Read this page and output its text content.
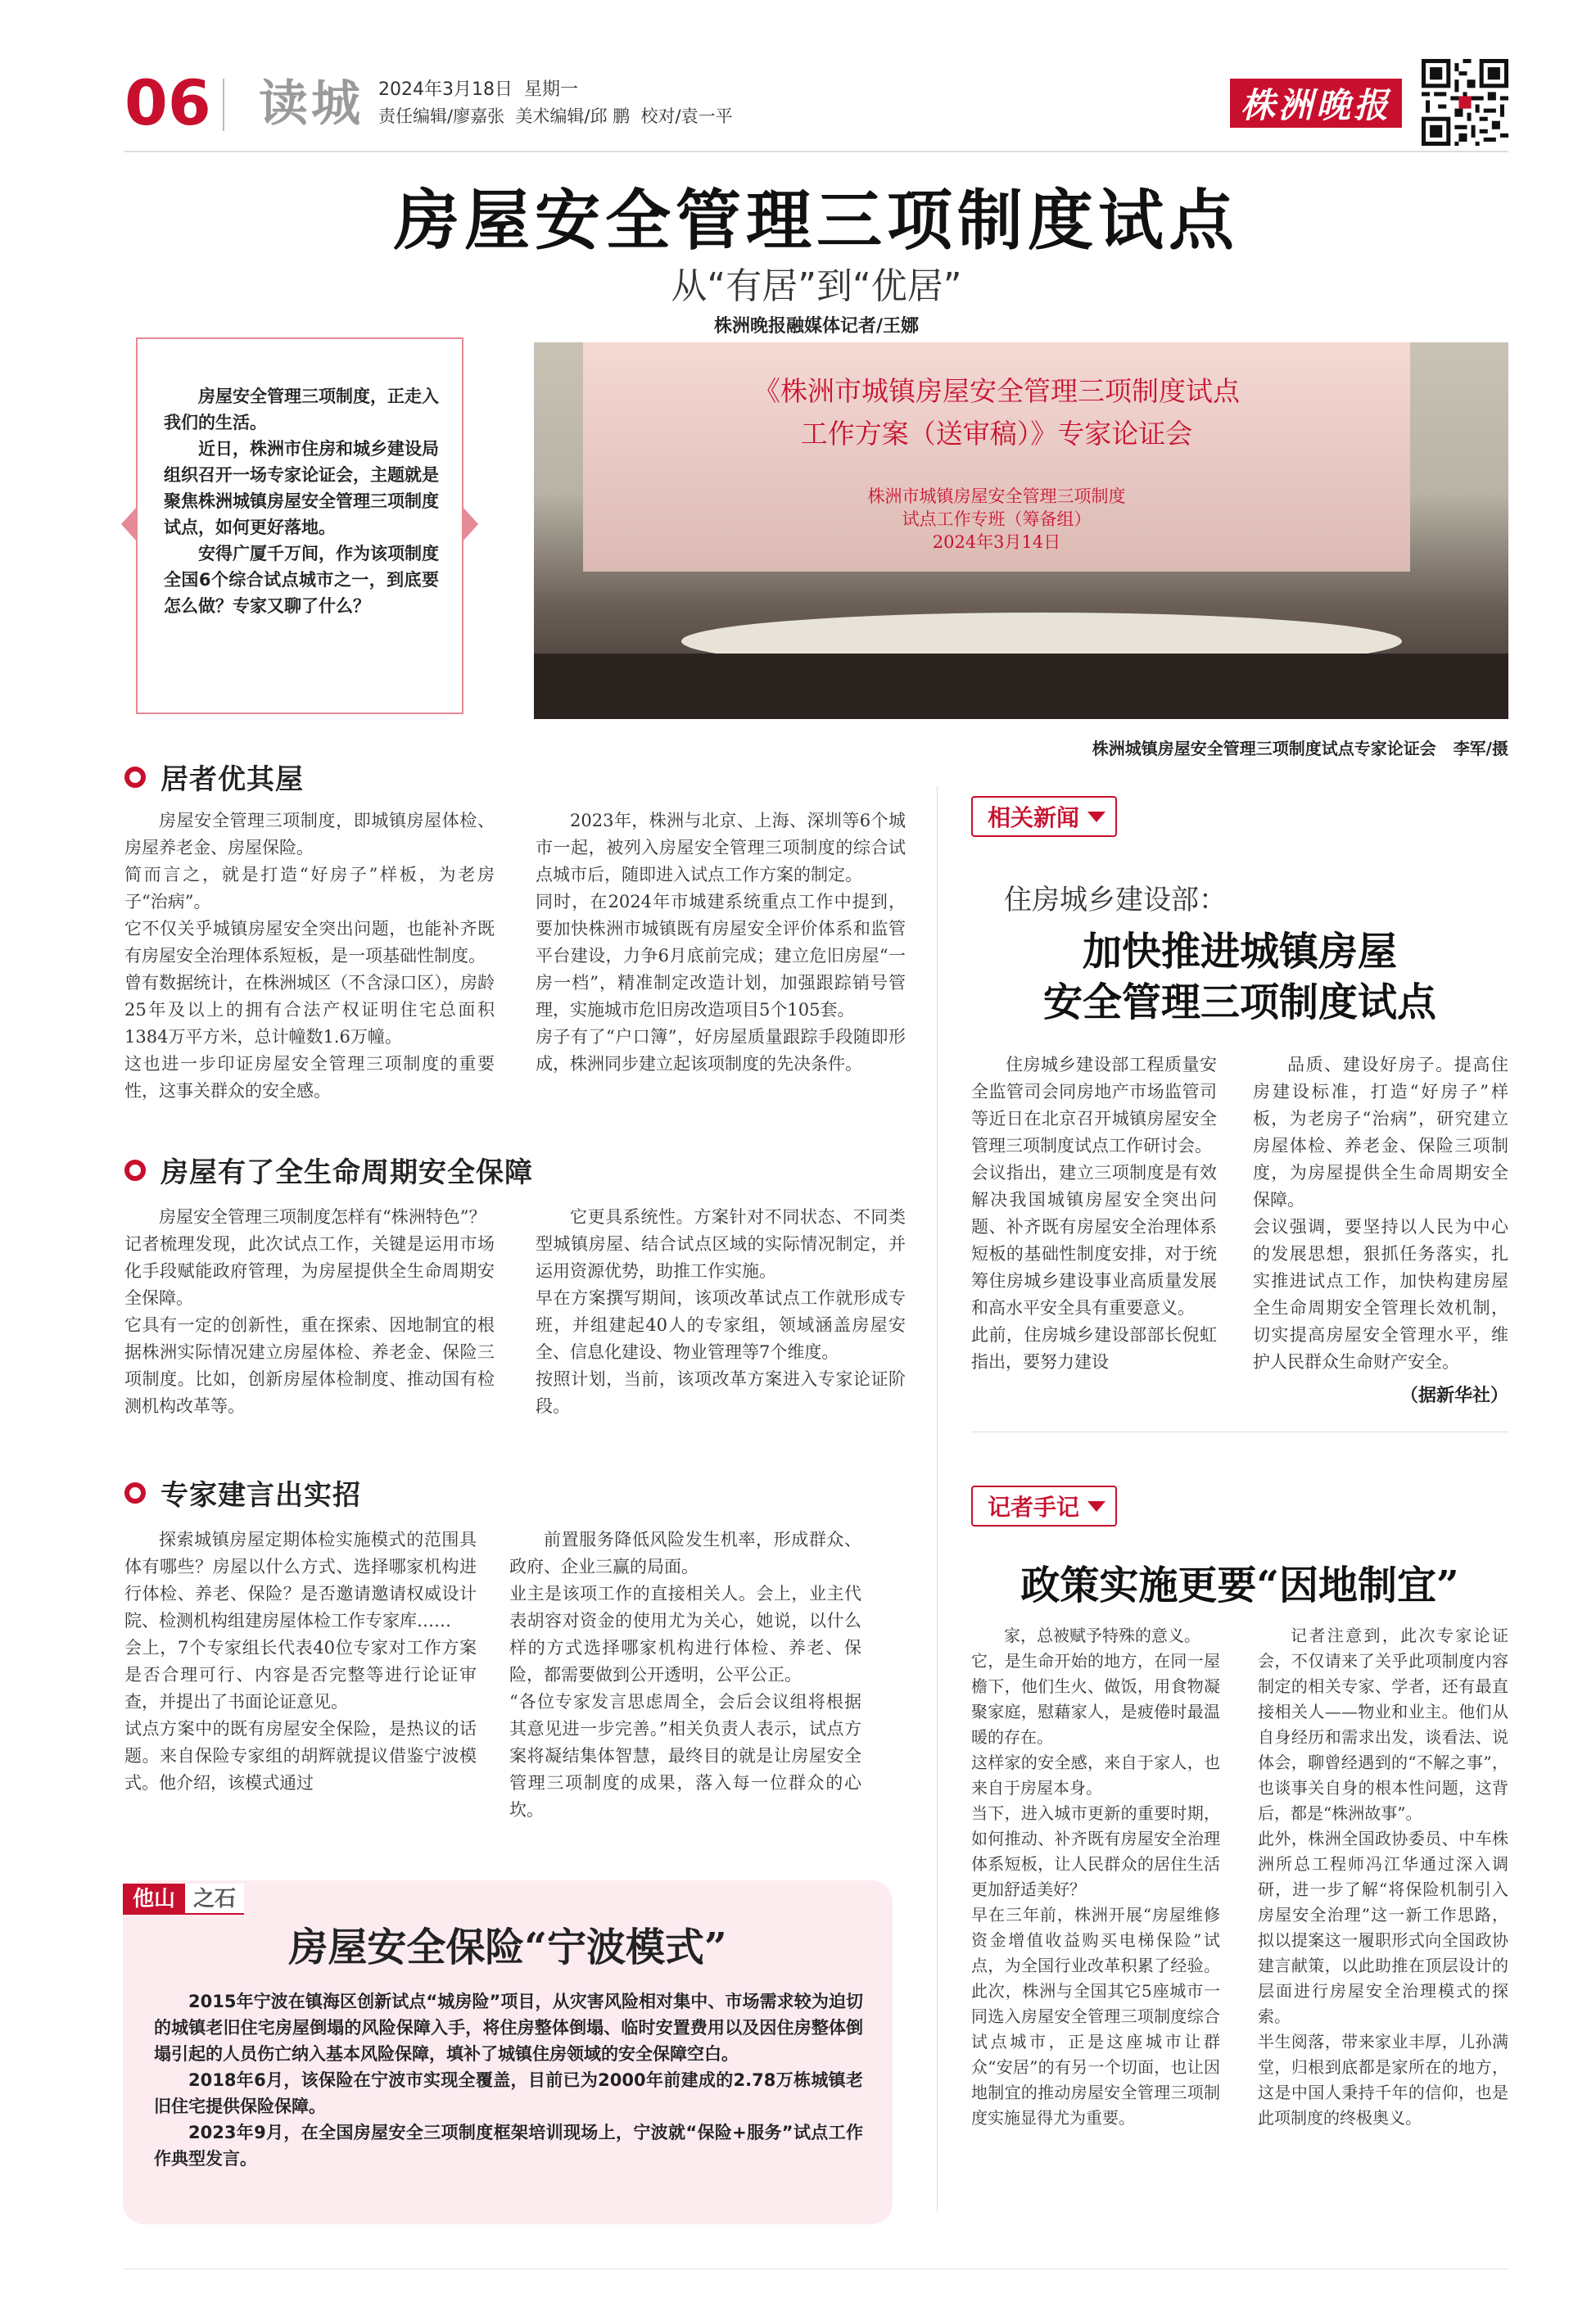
06 读城 2024年3月18日  星期一
责任编辑/廖嘉张  美术编辑/邱 鹏  校对/袁一平	株洲晚报
房屋安全管理三项制度试点
从“有居”到“优居”
株洲晚报融媒体记者/王娜

房屋安全管理三项制度，正走入我们的生活。

近日，株洲市住房和城乡建设局组织召开一场专家论证会，主题就是聚焦株洲城镇房屋安全管理三项制度试点，如何更好落地。

安得广厦千万间，作为该项制度全国6个综合试点城市之一，到底要怎么做？专家又聊了什么？

《株洲市城镇房屋安全管理三项制度试点
工作方案（送审稿）》专家论证会
株洲市城镇房屋安全管理三项制度
试点工作专班（筹备组）
2024年3月14日
株洲城镇房屋安全管理三项制度试点专家论证会 李军/摄
居者优其屋

房屋安全管理三项制度，即城镇房屋体检、房屋养老金、房屋保险。
简而言之，就是打造“好房子”样板，为老房子“治病”。
它不仅关乎城镇房屋安全突出问题，也能补齐既有房屋安全治理体系短板，是一项基础性制度。
曾有数据统计，在株洲城区（不含渌口区），房龄25年及以上的拥有合法产权证明住宅总面积1384万平方米，总计幢数1.6万幢。
这也进一步印证房屋安全管理三项制度的重要性，这事关群众的安全感。

2023年，株洲与北京、上海、深圳等6个城市一起，被列入房屋安全管理三项制度的综合试点城市后，随即进入试点工作方案的制定。
同时，在2024年市城建系统重点工作中提到，要加快株洲市城镇既有房屋安全评价体系和监管平台建设，力争6月底前完成；建立危旧房屋“一房一档”，精准制定改造计划，加强跟踪销号管理，实施城市危旧房改造项目5个105套。
房子有了“户口簿”，好房屋质量跟踪手段随即形成，株洲同步建立起该项制度的先决条件。

房屋有了全生命周期安全保障

房屋安全管理三项制度怎样有“株洲特色”？
记者梳理发现，此次试点工作，关键是运用市场化手段赋能政府管理，为房屋提供全生命周期安全保障。
它具有一定的创新性，重在探索、因地制宜的根据株洲实际情况建立房屋体检、养老金、保险三项制度。比如，创新房屋体检制度、推动国有检测机构改革等。

它更具系统性。方案针对不同状态、不同类型城镇房屋、结合试点区域的实际情况制定，并运用资源优势，助推工作实施。
早在方案撰写期间，该项改革试点工作就形成专班，并组建起40人的专家组，领域涵盖房屋安全、信息化建设、物业管理等7个维度。
按照计划，当前，该项改革方案进入专家论证阶段。

专家建言出实招

探索城镇房屋定期体检实施模式的范围具体有哪些？房屋以什么方式、选择哪家机构进行体检、养老、保险？是否邀请邀请权威设计院、检测机构组建房屋体检工作专家库……
会上，7个专家组长代表40位专家对工作方案是否合理可行、内容是否完整等进行论证审查，并提出了书面论证意见。
试点方案中的既有房屋安全保险，是热议的话题。来自保险专家组的胡辉就提议借鉴宁波模式。他介绍，该模式通过

前置服务降低风险发生机率，形成群众、政府、企业三赢的局面。
业主是该项工作的直接相关人。会上，业主代表胡容对资金的使用尤为关心，她说，以什么样的方式选择哪家机构进行体检、养老、保险，都需要做到公开透明，公平公正。
“各位专家发言思虑周全，会后会议组将根据其意见进一步完善。”相关负责人表示，试点方案将凝结集体智慧，最终目的就是让房屋安全管理三项制度的成果，落入每一位群众的心坎。

他山 之石
房屋安全保险“宁波模式”

2015年宁波在镇海区创新试点“城房险”项目，从灾害风险相对集中、市场需求较为迫切的城镇老旧住宅房屋倒塌的风险保障入手，将住房整体倒塌、临时安置费用以及因住房整体倒塌引起的人员伤亡纳入基本风险保障，填补了城镇住房领域的安全保障空白。

2018年6月，该保险在宁波市实现全覆盖，目前已为2000年前建成的2.78万栋城镇老旧住宅提供保险保障。

2023年9月，在全国房屋安全三项制度框架培训现场上，宁波就“保险+服务”试点工作作典型发言。

相关新闻
住房城乡建设部：
加快推进城镇房屋
安全管理三项制度试点

住房城乡建设部工程质量安全监管司会同房地产市场监管司等近日在北京召开城镇房屋安全管理三项制度试点工作研讨会。
会议指出，建立三项制度是有效解决我国城镇房屋安全突出问题、补齐既有房屋安全治理体系短板的基础性制度安排，对于统筹住房城乡建设事业高质量发展和高水平安全具有重要意义。
此前，住房城乡建设部部长倪虹指出，要努力建设

品质、建设好房子。提高住房建设标准，打造“好房子”样板，为老房子“治病”，研究建立房屋体检、养老金、保险三项制度，为房屋提供全生命周期安全保障。
会议强调，要坚持以人民为中心的发展思想，狠抓任务落实，扎实推进试点工作，加快构建房屋全生命周期安全管理长效机制，切实提高房屋安全管理水平，维护人民群众生命财产安全。

（据新华社）
记者手记
政策实施更要“因地制宜”

家，总被赋予特殊的意义。
它，是生命开始的地方，在同一屋檐下，他们生火、做饭，用食物凝聚家庭，慰藉家人，是疲倦时最温暖的存在。
这样家的安全感，来自于家人，也来自于房屋本身。
当下，进入城市更新的重要时期，如何推动、补齐既有房屋安全治理体系短板，让人民群众的居住生活更加舒适美好？
早在三年前，株洲开展“房屋维修资金增值收益购买电梯保险”试点，为全国行业改革积累了经验。此次，株洲与全国其它5座城市一同选入房屋安全管理三项制度综合试点城市，正是这座城市让群众“安居”的有另一个切面，也让因地制宜的推动房屋安全管理三项制度实施显得尤为重要。

记者注意到，此次专家论证会，不仅请来了关乎此项制度内容制定的相关专家、学者，还有最直接相关人——物业和业主。他们从自身经历和需求出发，谈看法、说体会，聊曾经遇到的“不解之事”，也谈事关自身的根本性问题，这背后，都是“株洲故事”。
此外，株洲全国政协委员、中车株洲所总工程师冯江华通过深入调研，进一步了解“将保险机制引入房屋安全治理”这一新工作思路，拟以提案这一履职形式向全国政协建言献策，以此助推在顶层设计的层面进行房屋安全治理模式的探索。
半生阅落，带来家业丰厚，儿孙满堂，归根到底都是家所在的地方，这是中国人秉持千年的信仰，也是此项制度的终极奥义。
